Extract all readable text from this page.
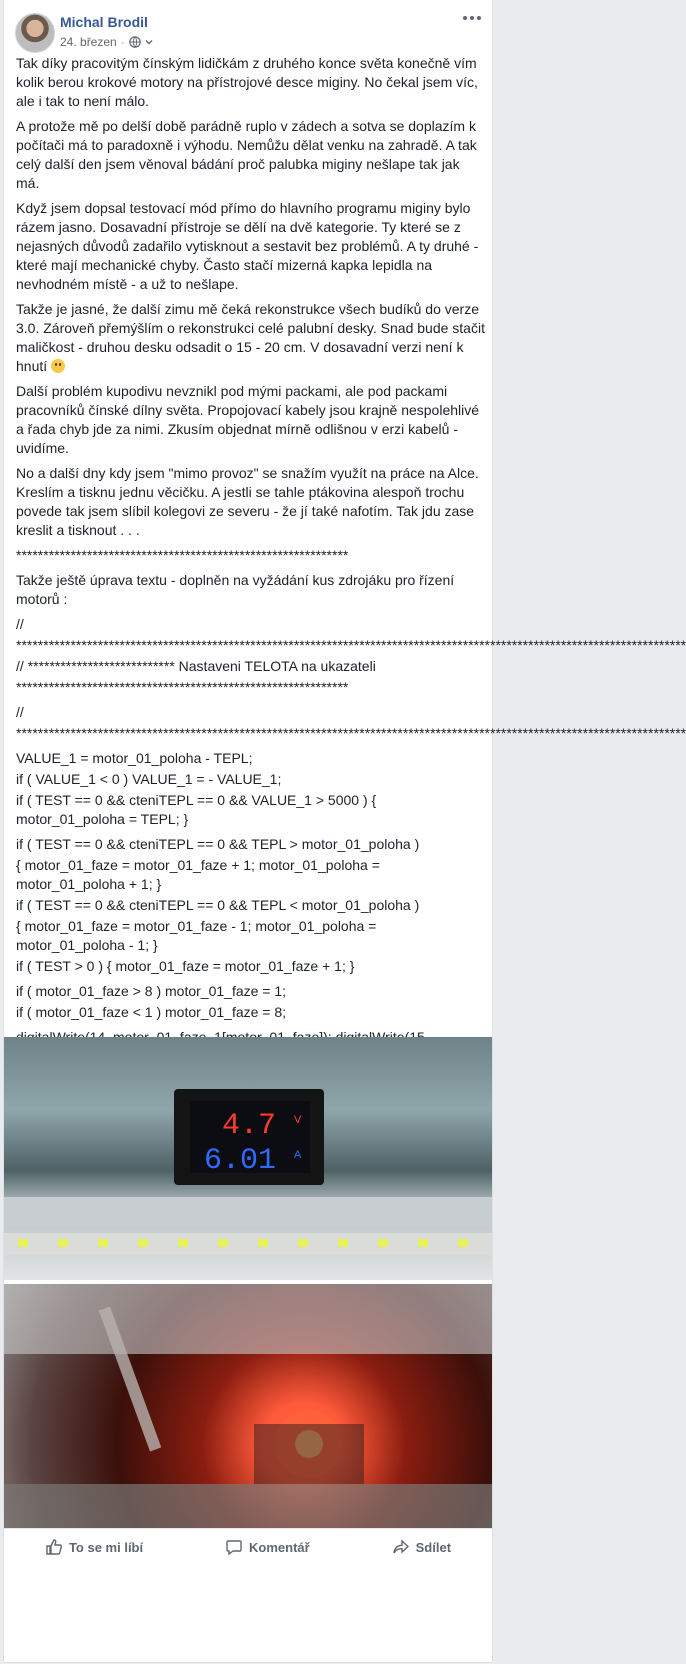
Michal Brodil
24. březen ·

Tak díky pracovitým čínským lidičkám z druhého konce světa konečně vím kolik berou krokové motory na přístrojové desce miginy. No čekal jsem víc, ale i tak to není málo.

A protože mě po delší době parádně ruplo v zádech a sotva se doplazím k počítači má to paradoxně i výhodu. Nemůžu dělat venku na zahradě. A tak celý další den jsem věnoval bádání proč palubka miginy nešlape tak jak má.

Když jsem dopsal testovací mód přímo do hlavního programu miginy bylo rázem jasno. Dosavadní přístroje se dělí na dvě kategorie. Ty které se z nejasných důvodů zadařilo vytisknout a sestavit bez problémů. A ty druhé - které mají mechanické chyby. Často stačí mizerná kapka lepidla na nevhodném místě - a už to nešlape.

Takže je jasné, že další zimu mě čeká rekonstrukce všech budíků do verze 3.0. Zároveň přemýšlím o rekonstrukci celé palubní desky. Snad bude stačit maličkost - druhou desku odsadit o 15 - 20 cm. V dosavadní verzi není k hnutí

Další problém kupodivu nevznikl pod mými packami, ale pod packami pracovníků čínské dílny světa. Propojovací kabely jsou krajně nespolehlivé a řada chyb jde za nimi. Zkusím objednat mírně odlišnou v erzi kabelů - uvidíme.

No a další dny kdy jsem "mimo provoz" se snažím využít na práce na Alce. Kreslím a tisknu jednu věcičku. A jestli se tahle ptákovina alespoň trochu povede tak jsem slíbil kolegovi ze severu - že jí také nafotím. Tak jdu zase kreslit a tisknout . . .

*************************************************************

Takže ještě úprava textu - doplněn na vyžádání kus zdrojáku pro řízení motorů :

//

***************************************************************************************************************************

// *************************** Nastaveni TELOTA na ukazateli

*************************************************************

//

***************************************************************************************************************************

VALUE_1 = motor_01_poloha - TEPL;

if ( VALUE_1 < 0 ) VALUE_1 = - VALUE_1;

if ( TEST == 0 && cteniTEPL == 0 && VALUE_1 > 5000 ) { motor_01_poloha = TEPL; }

if ( TEST == 0 && cteniTEPL == 0 && TEPL > motor_01_poloha )

{ motor_01_faze = motor_01_faze + 1; motor_01_poloha = motor_01_poloha + 1; }

if ( TEST == 0 && cteniTEPL == 0 && TEPL < motor_01_poloha )

{ motor_01_faze = motor_01_faze - 1; motor_01_poloha = motor_01_poloha - 1; }

if ( TEST > 0 ) { motor_01_faze = motor_01_faze + 1; }

if ( motor_01_faze > 8 ) motor_01_faze = 1;

if ( motor_01_faze < 1 ) motor_01_faze = 8;

4.7 V
6.01 A
To se mi líbí	Komentář	Sdílet
